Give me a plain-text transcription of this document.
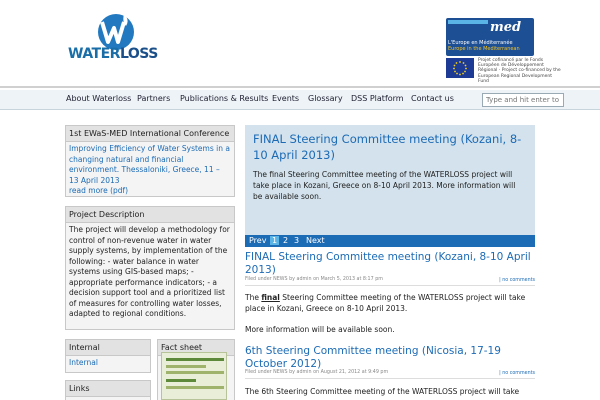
WATERLOSS
med
L'Europe en Méditerranée
Europe in the Mediterranean
Projet cofinancé par le Fonds Européen de Développement Régional · Project co-financed by the European Regional Development Fund
About Waterloss Partners Publications & Results Events Glossary DSS Platform Contact us
Type and hit enter to Sea
1st EWaS-MED International Conference
Improving Efficiency of Water Systems in a changing natural and financial environment. Thessaloniki, Greece, 11 – 13 April 2013
read more (pdf)
Project Description
The project will develop a methodology for control of non-revenue water in water supply systems, by implementation of the following: - water balance in water systems using GIS-based maps; -appropriate performance indicators; - a decision support tool and a prioritized list of measures for controlling water losses, adapted to regional conditions.
Internal
Internal
Links
Fact sheet
FINAL Steering Committee meeting (Kozani, 8-10 April 2013)
The final Steering Committee meeting of the WATERLOSS project will take place in Kozani, Greece on 8-10 April 2013. More information will be available soon.
Prev 1 2 3 Next
FINAL Steering Committee meeting (Kozani, 8-10 April 2013)
Filed under NEWS by admin on March 5, 2013 at 8:17 pm	| no comments
The final Steering Committee meeting of the WATERLOSS project will take place in Kozani, Greece on 8-10 April 2013.
More information will be available soon.
6th Steering Committee meeting (Nicosia, 17-19 October 2012)
Filed under NEWS by admin on August 21, 2012 at 9:49 pm	| no comments
The 6th Steering Committee meeting of the WATERLOSS project will take
